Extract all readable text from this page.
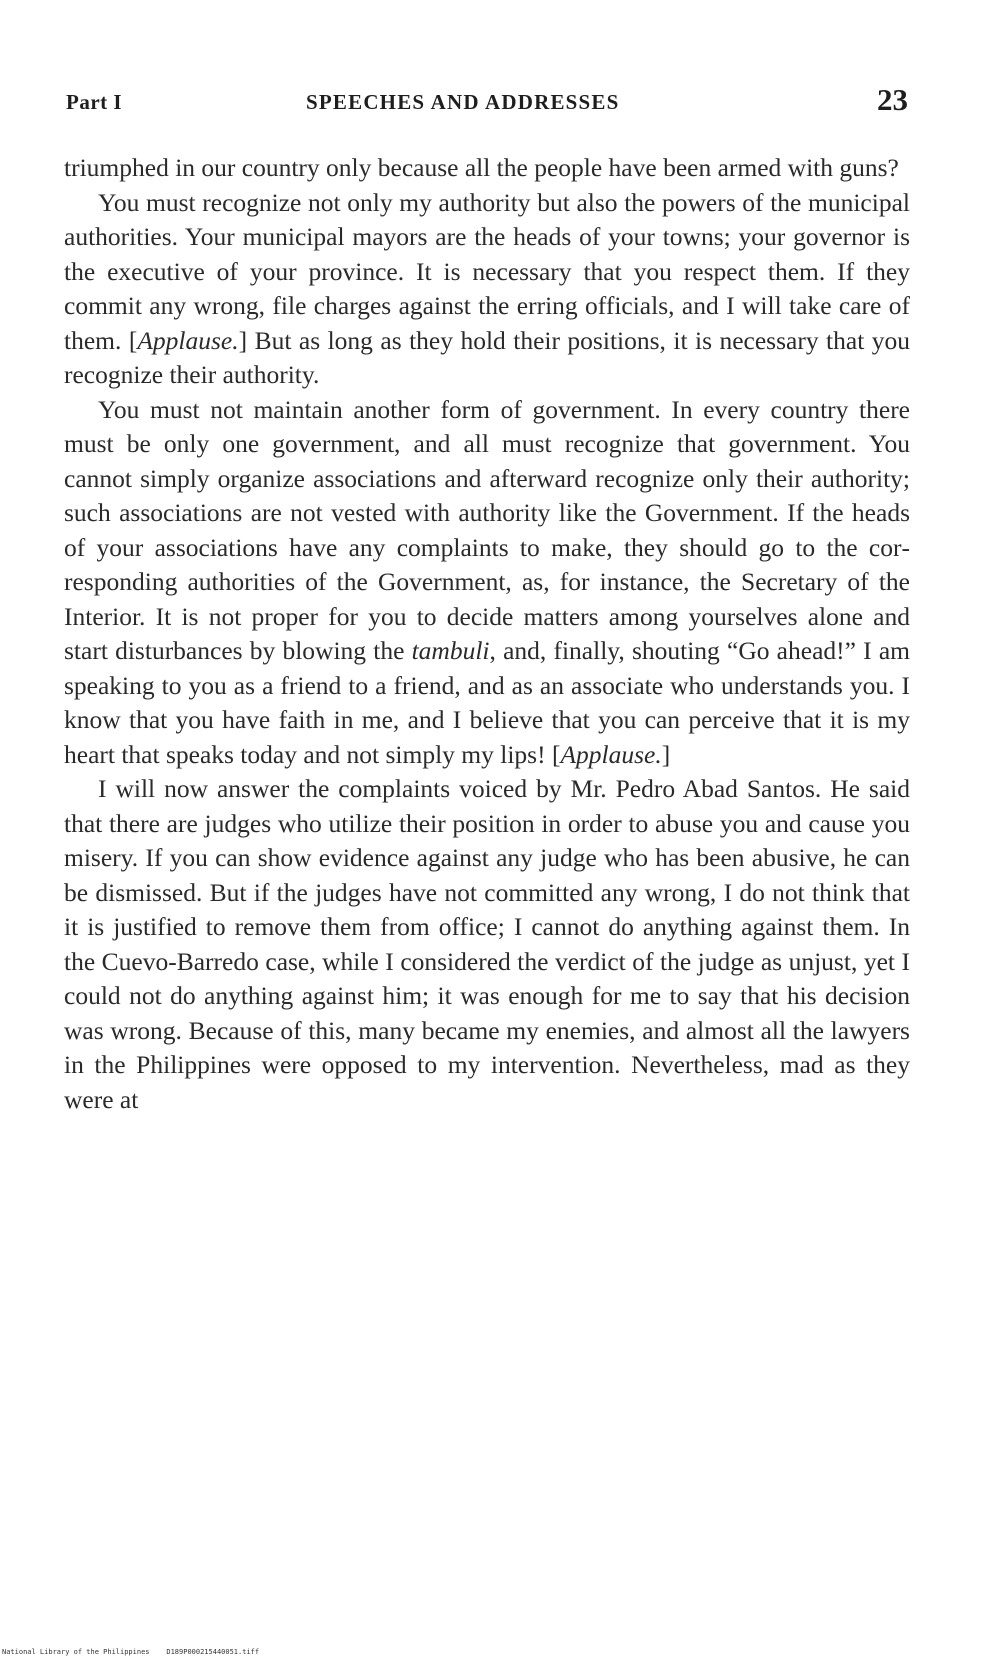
Part I	SPEECHES AND ADDRESSES	23

triumphed in our country only because all the people have been armed with guns?

You must recognize not only my authority but also the powers of the municipal authorities. Your municipal mayors are the heads of your towns; your governor is the executive of your province. It is necessary that you respect them. If they commit any wrong, file charges against the erring officials, and I will take care of them. [Applause.] But as long as they hold their positions, it is necessary that you recognize their authority.

You must not maintain another form of government. In every country there must be only one government, and all must recognize that government. You cannot simply organize associations and afterward recognize only their authority; such associations are not vested with authority like the Government. If the heads of your associations have any complaints to make, they should go to the corresponding authorities of the Government, as, for instance, the Secretary of the Interior. It is not proper for you to decide matters among yourselves alone and start disturbances by blowing the tambuli, and, finally, shouting “Go ahead!” I am speaking to you as a friend to a friend, and as an associate who understands you. I know that you have faith in me, and I believe that you can perceive that it is my heart that speaks today and not simply my lips! [Applause.]

I will now answer the complaints voiced by Mr. Pedro Abad Santos. He said that there are judges who utilize their position in order to abuse you and cause you misery. If you can show evidence against any judge who has been abusive, he can be dismissed. But if the judges have not committed any wrong, I do not think that it is justified to remove them from office; I cannot do anything against them. In the Cuevo-Barredo case, while I considered the verdict of the judge as unjust, yet I could not do anything against him; it was enough for me to say that his decision was wrong. Because of this, many became my enemies, and almost all the lawyers in the Philippines were opposed to my intervention. Nevertheless, mad as they were at

National Library of the Philippines D189P000215440051.tiff
